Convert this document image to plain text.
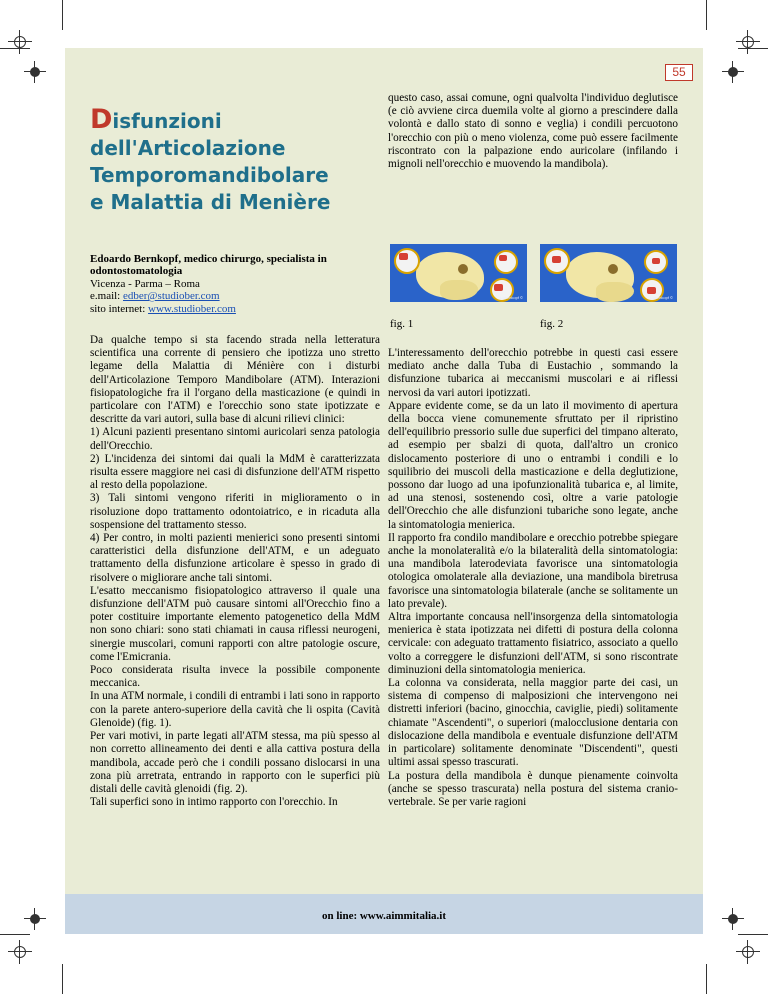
55
Disfunzioni
dell'Articolazione
Temporomandibolare
e Malattia di Menière
Edoardo Bernkopf, medico chirurgo, specialista in odontostomatologia
Vicenza - Parma – Roma
e.mail: edber@studiober.com
sito internet: www.studiober.com

Da qualche tempo si sta facendo strada nella letteratura scientifica una corrente di pensiero che ipotizza uno stretto legame della Malattia di Ménière con i disturbi dell'Articolazione Temporo Mandibolare (ATM). Interazioni fisiopatologiche fra il l'organo della masticazione (e quindi in particolare con l'ATM) e l'orecchio sono state ipotizzate e descritte da vari autori, sulla base di alcuni rilievi clinici:

1) Alcuni pazienti presentano sintomi auricolari senza patologia dell'Orecchio.

2) L'incidenza dei sintomi dai quali la MdM è caratterizzata risulta essere maggiore nei casi di disfunzione dell'ATM rispetto al resto della popolazione.

3) Tali sintomi vengono riferiti in miglioramento o in risoluzione dopo trattamento odontoiatrico, e in ricaduta alla sospensione del trattamento stesso.

4) Per contro, in molti pazienti menierici sono presenti sintomi caratteristici della disfunzione dell'ATM, e un adeguato trattamento della disfunzione articolare è spesso in grado di risolvere o migliorare anche tali sintomi.

L'esatto meccanismo fisiopatologico attraverso il quale una disfunzione dell'ATM può causare sintomi all'Orecchio fino a poter costituire importante elemento patogenetico della MdM non sono chiari: sono stati chiamati in causa riflessi neurogeni, sinergie muscolari, comuni rapporti con altre patologie oscure, come l'Emicrania.

Poco considerata risulta invece la possibile componente meccanica.

In una ATM normale, i condili di entrambi i lati sono in rapporto con la parete antero-superiore della cavità che li ospita (Cavità Glenoide) (fig. 1).

Per vari motivi, in parte legati all'ATM stessa, ma più spesso al non corretto allineamento dei denti e alla cattiva postura della mandibola, accade però che i condili possano dislocarsi in una zona più arretrata, entrando in rapporto con le superfici più distali delle cavità glenoidi (fig. 2).

Tali superfici sono in intimo rapporto con l'orecchio. In

questo caso, assai comune, ogni qualvolta l'individuo deglutisce (e ciò avviene circa duemila volte al giorno a prescindere dalla volontà e dallo stato di sonno e veglia) i condili percuotono l'orecchio con più o meno violenza, come può essere facilmente riscontrato con la palpazione endo auricolare (infilando i mignoli nell'orecchio e muovendo la mandibola).

Lobenkopf ©	Lobenkopf ©
fig. 1	fig. 2

L'interessamento dell'orecchio potrebbe in questi casi essere mediato anche dalla Tuba di Eustachio , sommando la disfunzione tubarica ai meccanismi muscolari e ai riflessi nervosi da vari autori ipotizzati.

Appare evidente come, se da un lato il movimento di apertura della bocca viene comunemente sfruttato per il ripristino dell'equilibrio pressorio sulle due superfici del timpano alterato, ad esempio per sbalzi di quota, dall'altro un cronico dislocamento posteriore di uno o entrambi i condili e lo squilibrio dei muscoli della masticazione e della deglutizione, possono dar luogo ad una ipofunzionalità tubarica e, al limite, ad una stenosi, sostenendo così, oltre a varie patologie dell'Orecchio che alle disfunzioni tubariche sono legate, anche la sintomatologia menierica.

Il rapporto fra condilo mandibolare e orecchio potrebbe spiegare anche la monolateralità e/o la bilateralità della sintomatologia: una mandibola laterodeviata favorisce una sintomatologia otologica omolaterale alla deviazione, una mandibola biretrusa favorisce una sintomatologia bilaterale (anche se solitamente un lato prevale).

Altra importante concausa nell'insorgenza della sintomatologia menierica è stata ipotizzata nei difetti di postura della colonna cervicale: con adeguato trattamento fisiatrico, associato a quello volto a correggere le disfunzioni dell'ATM, si sono riscontrate diminuzioni della sintomatologia menierica.

La colonna va considerata, nella maggior parte dei casi, un sistema di compenso di malposizioni che intervengono nei distretti inferiori (bacino, ginocchia, caviglie, piedi) solitamente chiamate "Ascendenti", o superiori (malocclusione dentaria con dislocazione della mandibola e eventuale disfunzione dell'ATM in particolare) solitamente denominate "Discendenti", questi ultimi assai spesso trascurati.

La postura della mandibola è dunque pienamente coinvolta (anche se spesso trascurata) nella postura del sistema cranio-vertebrale. Se per varie ragioni

on line: www.aimmitalia.it
